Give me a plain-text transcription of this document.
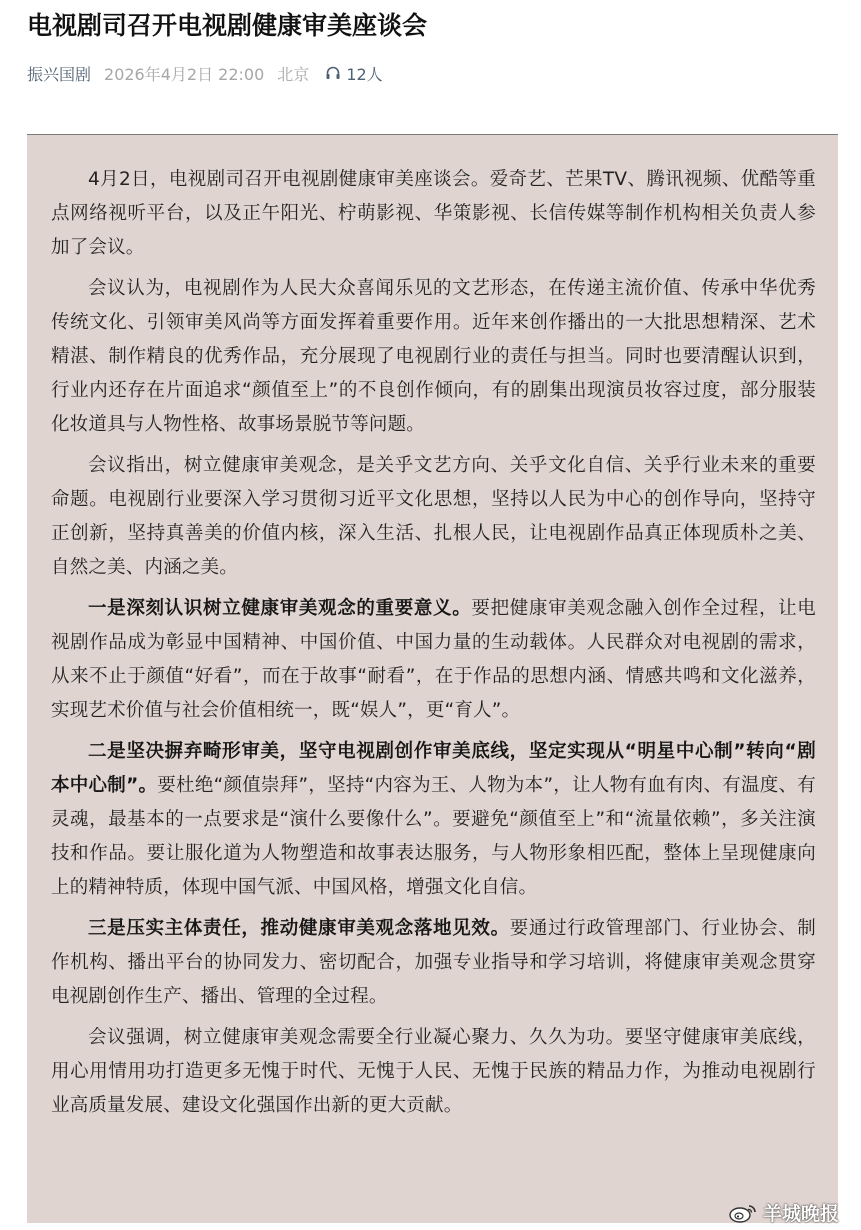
电视剧司召开电视剧健康审美座谈会
振兴国剧 2026年4月2日 22:00 北京 12人

4月2日，电视剧司召开电视剧健康审美座谈会。爱奇艺、芒果TV、腾讯视频、优酷等重点网络视听平台，以及正午阳光、柠萌影视、华策影视、长信传媒等制作机构相关负责人参加了会议。

会议认为，电视剧作为人民大众喜闻乐见的文艺形态，在传递主流价值、传承中华优秀传统文化、引领审美风尚等方面发挥着重要作用。近年来创作播出的一大批思想精深、艺术精湛、制作精良的优秀作品，充分展现了电视剧行业的责任与担当。同时也要清醒认识到，行业内还存在片面追求“颜值至上”的不良创作倾向，有的剧集出现演员妆容过度，部分服装化妆道具与人物性格、故事场景脱节等问题。

会议指出，树立健康审美观念，是关乎文艺方向、关乎文化自信、关乎行业未来的重要命题。电视剧行业要深入学习贯彻习近平文化思想，坚持以人民为中心的创作导向，坚持守正创新，坚持真善美的价值内核，深入生活、扎根人民，让电视剧作品真正体现质朴之美、自然之美、内涵之美。

一是深刻认识树立健康审美观念的重要意义。要把健康审美观念融入创作全过程，让电视剧作品成为彰显中国精神、中国价值、中国力量的生动载体。人民群众对电视剧的需求，从来不止于颜值“好看”，而在于故事“耐看”，在于作品的思想内涵、情感共鸣和文化滋养，实现艺术价值与社会价值相统一，既“娱人”，更“育人”。

二是坚决摒弃畸形审美，坚守电视剧创作审美底线，坚定实现从“明星中心制”转向“剧本中心制”。要杜绝“颜值崇拜”，坚持“内容为王、人物为本”，让人物有血有肉、有温度、有灵魂，最基本的一点要求是“演什么要像什么”。要避免“颜值至上”和“流量依赖”，多关注演技和作品。要让服化道为人物塑造和故事表达服务，与人物形象相匹配，整体上呈现健康向上的精神特质，体现中国气派、中国风格，增强文化自信。

三是压实主体责任，推动健康审美观念落地见效。要通过行政管理部门、行业协会、制作机构、播出平台的协同发力、密切配合，加强专业指导和学习培训，将健康审美观念贯穿电视剧创作生产、播出、管理的全过程。

会议强调，树立健康审美观念需要全行业凝心聚力、久久为功。要坚守健康审美底线，用心用情用功打造更多无愧于时代、无愧于人民、无愧于民族的精品力作，为推动电视剧行业高质量发展、建设文化强国作出新的更大贡献。

羊城晚报
